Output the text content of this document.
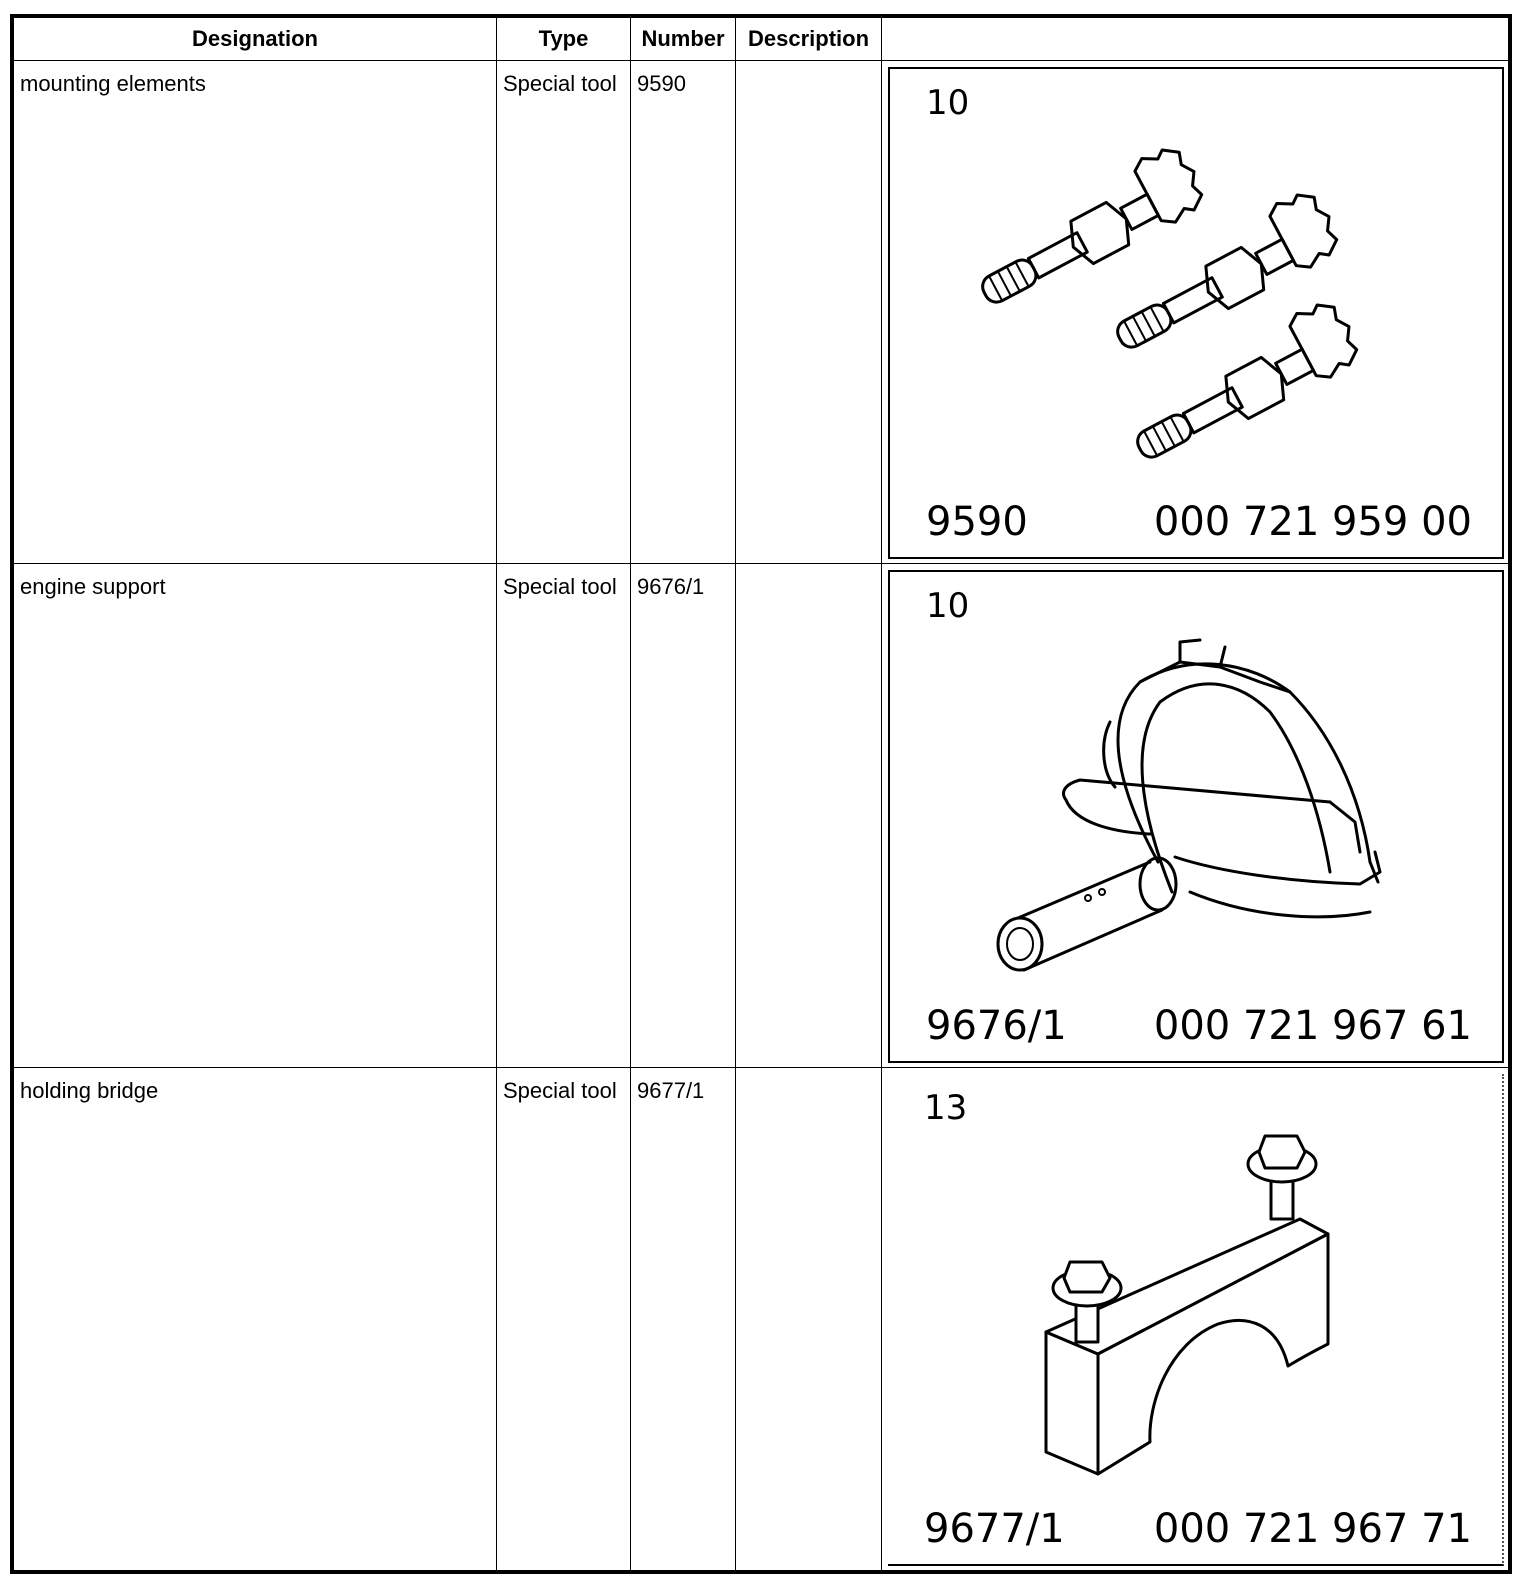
Designation	Type	Number	Description	
mounting elements	Special tool	9590		10
9590 000 721 959 00

engine support	Special tool	9676/1		10
9676/1 000 721 967 61

holding bridge	Special tool	9677/1		13
9677/1 000 721 967 71
